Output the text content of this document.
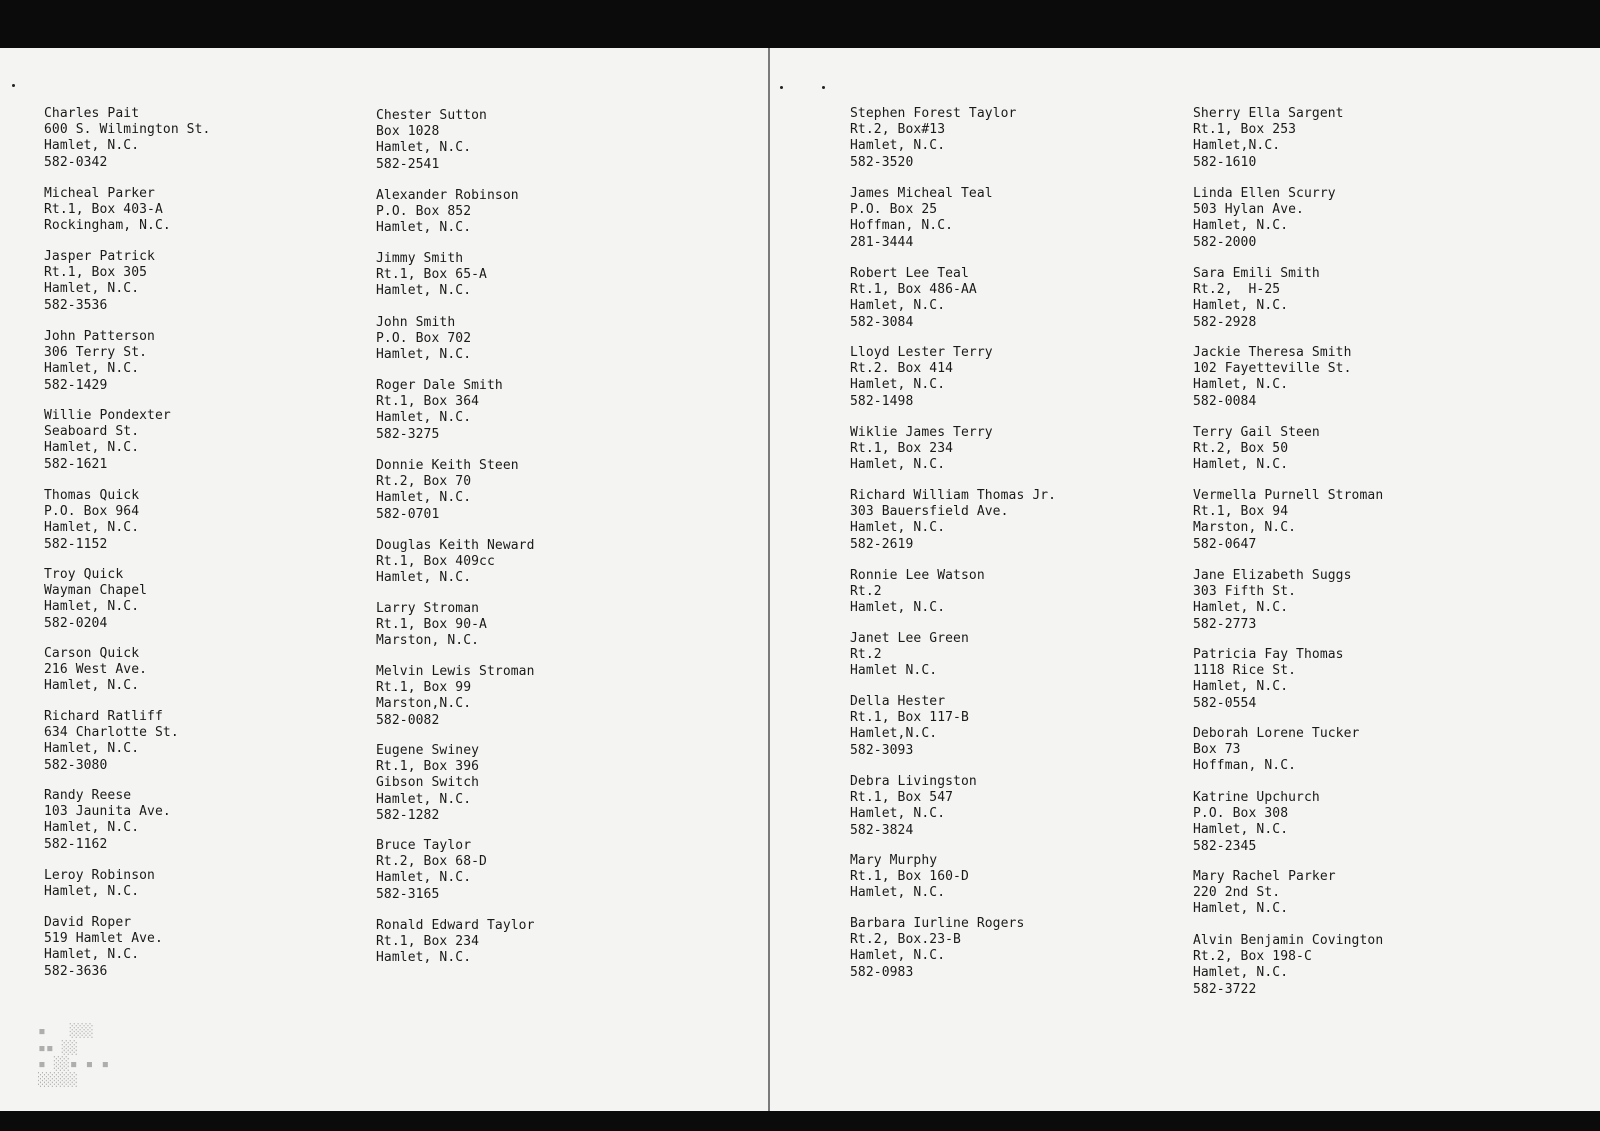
Charles Pait
600 S. Wilmington St.
Hamlet, N.C.
582-0342
Micheal Parker
Rt.1, Box 403-A
Rockingham, N.C.
Jasper Patrick
Rt.1, Box 305
Hamlet, N.C.
582-3536
John Patterson
306 Terry St.
Hamlet, N.C.
582-1429
Willie Pondexter
Seaboard St.
Hamlet, N.C.
582-1621
Thomas Quick
P.O. Box 964
Hamlet, N.C.
582-1152
Troy Quick
Wayman Chapel
Hamlet, N.C.
582-0204
Carson Quick
216 West Ave.
Hamlet, N.C.
Richard Ratliff
634 Charlotte St.
Hamlet, N.C.
582-3080
Randy Reese
103 Jaunita Ave.
Hamlet, N.C.
582-1162
Leroy Robinson
Hamlet, N.C.
David Roper
519 Hamlet Ave.
Hamlet, N.C.
582-3636
Chester Sutton
Box 1028
Hamlet, N.C.
582-2541
Alexander Robinson
P.O. Box 852
Hamlet, N.C.
Jimmy Smith
Rt.1, Box 65-A
Hamlet, N.C.
John Smith
P.O. Box 702
Hamlet, N.C.
Roger Dale Smith
Rt.1, Box 364
Hamlet, N.C.
582-3275
Donnie Keith Steen
Rt.2, Box 70
Hamlet, N.C.
582-0701
Douglas Keith Neward
Rt.1, Box 409cc
Hamlet, N.C.
Larry Stroman
Rt.1, Box 90-A
Marston, N.C.
Melvin Lewis Stroman
Rt.1, Box 99
Marston,N.C.
582-0082
Eugene Swiney
Rt.1, Box 396
Gibson Switch
Hamlet, N.C.
582-1282
Bruce Taylor
Rt.2, Box 68-D
Hamlet, N.C.
582-3165
Ronald Edward Taylor
Rt.1, Box 234
Hamlet, N.C.

▪   ░░░
▪▪ ░░
▪ ░░▪ ▪ ▪
░░░░░

Stephen Forest Taylor
Rt.2, Box#13
Hamlet, N.C.
582-3520
James Micheal Teal
P.O. Box 25
Hoffman, N.C.
281-3444
Robert Lee Teal
Rt.1, Box 486-AA
Hamlet, N.C.
582-3084
Lloyd Lester Terry
Rt.2. Box 414
Hamlet, N.C.
582-1498
Wiklie James Terry
Rt.1, Box 234
Hamlet, N.C.
Richard William Thomas Jr.
303 Bauersfield Ave.
Hamlet, N.C.
582-2619
Ronnie Lee Watson
Rt.2
Hamlet, N.C.
Janet Lee Green
Rt.2
Hamlet N.C.
Della Hester
Rt.1, Box 117-B
Hamlet,N.C.
582-3093
Debra Livingston
Rt.1, Box 547
Hamlet, N.C.
582-3824
Mary Murphy
Rt.1, Box 160-D
Hamlet, N.C.
Barbara Iurline Rogers
Rt.2, Box.23-B
Hamlet, N.C.
582-0983
Sherry Ella Sargent
Rt.1, Box 253
Hamlet,N.C.
582-1610
Linda Ellen Scurry
503 Hylan Ave.
Hamlet, N.C.
582-2000
Sara Emili Smith
Rt.2,  H-25
Hamlet, N.C.
582-2928
Jackie Theresa Smith
102 Fayetteville St.
Hamlet, N.C.
582-0084
Terry Gail Steen
Rt.2, Box 50
Hamlet, N.C.
Vermella Purnell Stroman
Rt.1, Box 94
Marston, N.C.
582-0647
Jane Elizabeth Suggs
303 Fifth St.
Hamlet, N.C.
582-2773
Patricia Fay Thomas
1118 Rice St.
Hamlet, N.C.
582-0554
Deborah Lorene Tucker
Box 73
Hoffman, N.C.
Katrine Upchurch
P.O. Box 308
Hamlet, N.C.
582-2345
Mary Rachel Parker
220 2nd St.
Hamlet, N.C.
Alvin Benjamin Covington
Rt.2, Box 198-C
Hamlet, N.C.
582-3722
